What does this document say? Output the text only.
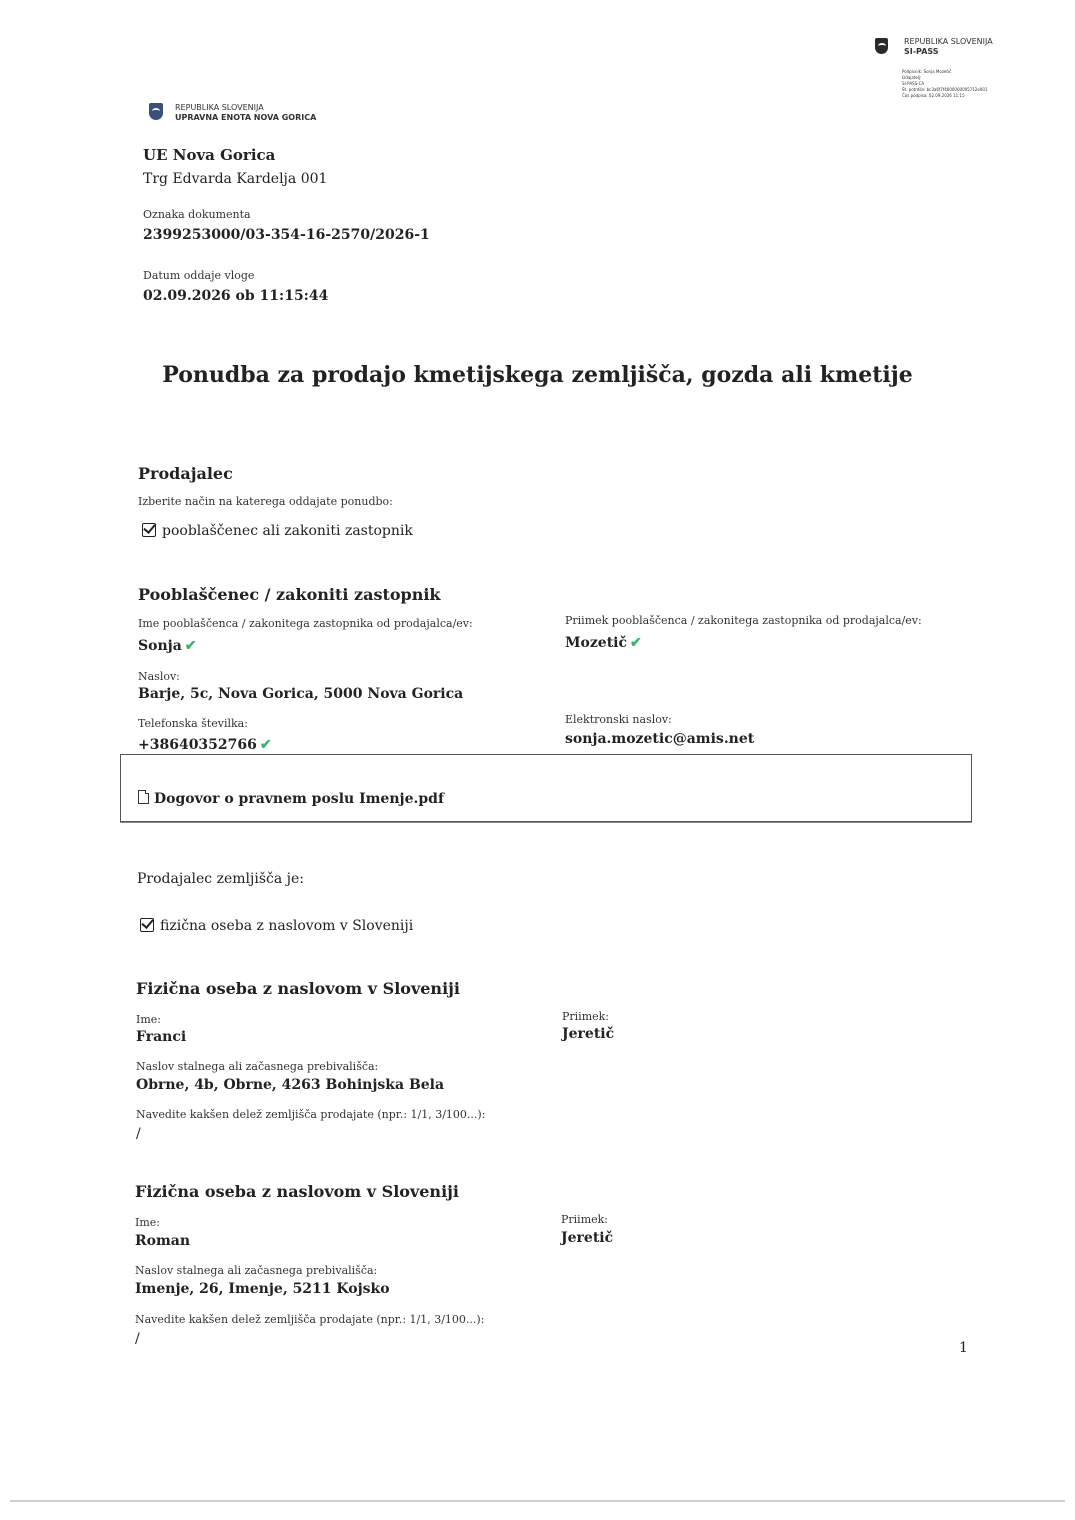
REPUBLIKA SLOVENIJA
SI-PASS
Podpisnik: Sonja Mozetič
Izdajatelj:
SI-PASS-CA
Št. potrdila: bc3a6f7f4000000005712e001
Čas podpisa: 02.09.2026 11:15
REPUBLIKA SLOVENIJA
UPRAVNA ENOTA NOVA GORICA
UE Nova Gorica
Trg Edvarda Kardelja 001
Oznaka dokumenta
2399253000/03-354-16-2570/2026-1
Datum oddaje vloge
02.09.2026 ob 11:15:44
Ponudba za prodajo kmetijskega zemljišča, gozda ali kmetije
Prodajalec
Izberite način na katerega oddajate ponudbo:
pooblaščenec ali zakoniti zastopnik
Pooblaščenec / zakoniti zastopnik
Ime pooblaščenca / zakonitega zastopnika od prodajalca/ev:
Sonja ✔
Priimek pooblaščenca / zakonitega zastopnika od prodajalca/ev:
Mozetič ✔
Naslov:
Barje, 5c, Nova Gorica, 5000 Nova Gorica
Telefonska številka:
+38640352766 ✔
Elektronski naslov:
sonja.mozetic@amis.net
Dogovor o pravnem poslu Imenje.pdf
Prodajalec zemljišča je:
fizična oseba z naslovom v Sloveniji
Fizična oseba z naslovom v Sloveniji
Ime:
Franci
Priimek:
Jeretič
Naslov stalnega ali začasnega prebivališča:
Obrne, 4b, Obrne, 4263 Bohinjska Bela
Navedite kakšen delež zemljišča prodajate (npr.: 1/1, 3/100...):
/
Fizična oseba z naslovom v Sloveniji
Ime:
Roman
Priimek:
Jeretič
Naslov stalnega ali začasnega prebivališča:
Imenje, 26, Imenje, 5211 Kojsko
Navedite kakšen delež zemljišča prodajate (npr.: 1/1, 3/100...):
/
1
